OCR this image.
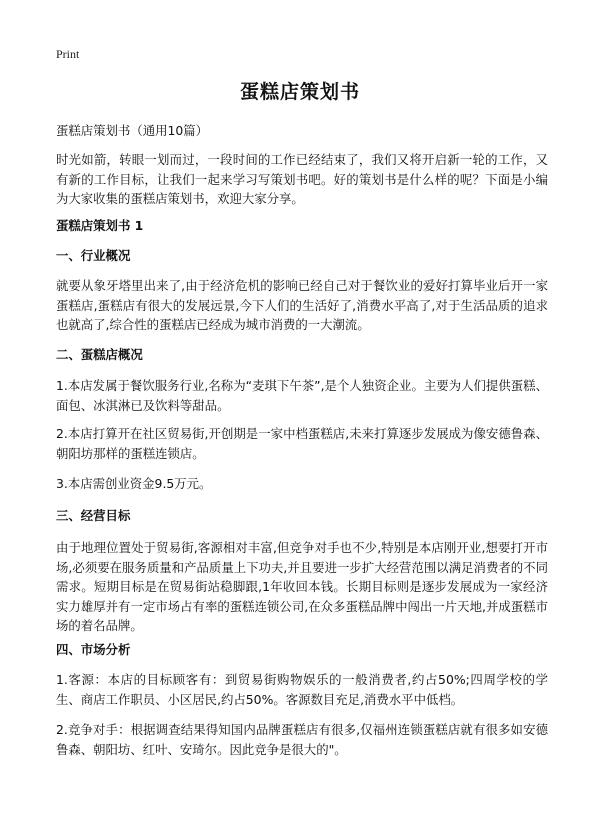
Print
蛋糕店策划书
蛋糕店策划书（通用10篇）
时光如箭，转眼一划而过，一段时间的工作已经结束了，我们又将开启新一轮的工作，又有新的工作目标，让我们一起来学习写策划书吧。好的策划书是什么样的呢？下面是小编为大家收集的蛋糕店策划书，欢迎大家分享。
蛋糕店策划书 1
一、行业概况
就要从象牙塔里出来了,由于经济危机的影响已经自己对于餐饮业的爱好打算毕业后开一家蛋糕店,蛋糕店有很大的发展远景,今下人们的生活好了,消费水平高了,对于生活品质的追求也就高了,综合性的蛋糕店已经成为城市消费的一大潮流。
二、蛋糕店概况
1.本店发属于餐饮服务行业,名称为“麦琪下午茶”,是个人独资企业。主要为人们提供蛋糕、面包、冰淇淋已及饮料等甜品。
2.本店打算开在社区贸易街,开创期是一家中档蛋糕店,未来打算逐步发展成为像安德鲁森、朝阳坊那样的蛋糕连锁店。
3.本店需创业资金9.5万元。
三、经营目标
由于地理位置处于贸易街,客源相对丰富,但竞争对手也不少,特别是本店刚开业,想要打开市场,必须要在服务质量和产品质量上下功夫,并且要进一步扩大经营范围以满足消费者的不同需求。短期目标是在贸易街站稳脚跟,1年收回本钱。长期目标则是逐步发展成为一家经济实力雄厚并有一定市场占有率的蛋糕连锁公司,在众多蛋糕品牌中闯出一片天地,并成蛋糕市场的着名品牌。
四、市场分析
1.客源：本店的目标顾客有：到贸易街购物娱乐的一般消费者,约占50%;四周学校的学生、商店工作职员、小区居民,约占50%。客源数目充足,消费水平中低档。
2.竞争对手：根据调查结果得知国内品牌蛋糕店有很多,仅福州连锁蛋糕店就有很多如安德鲁森、朝阳坊、红叶、安琦尔。因此竞争是很大的"。
